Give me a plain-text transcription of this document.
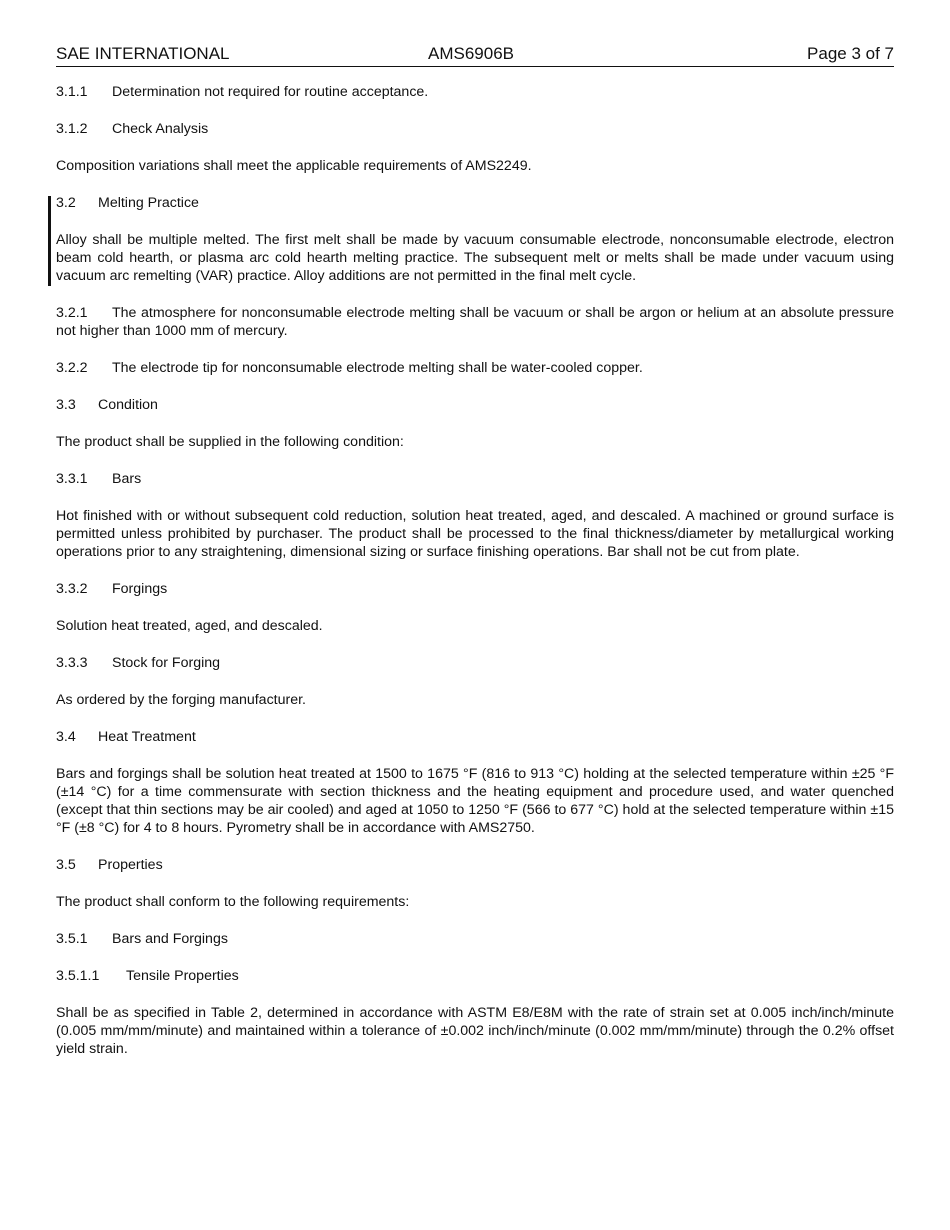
SAE INTERNATIONAL	AMS6906B	Page 3 of 7
3.1.1 Determination not required for routine acceptance.
3.1.2 Check Analysis

Composition variations shall meet the applicable requirements of AMS2249.

3.2 Melting Practice

Alloy shall be multiple melted. The first melt shall be made by vacuum consumable electrode, nonconsumable electrode, electron beam cold hearth, or plasma arc cold hearth melting practice. The subsequent melt or melts shall be made under vacuum using vacuum arc remelting (VAR) practice. Alloy additions are not permitted in the final melt cycle.

3.2.1 The atmosphere for nonconsumable electrode melting shall be vacuum or shall be argon or helium at an absolute pressure not higher than 1000 mm of mercury.

3.2.2 The electrode tip for nonconsumable electrode melting shall be water-cooled copper.
3.3 Condition

The product shall be supplied in the following condition:

3.3.1 Bars

Hot finished with or without subsequent cold reduction, solution heat treated, aged, and descaled. A machined or ground surface is permitted unless prohibited by purchaser. The product shall be processed to the final thickness/diameter by metallurgical working operations prior to any straightening, dimensional sizing or surface finishing operations. Bar shall not be cut from plate.

3.3.2 Forgings

Solution heat treated, aged, and descaled.

3.3.3 Stock for Forging

As ordered by the forging manufacturer.

3.4 Heat Treatment

Bars and forgings shall be solution heat treated at 1500 to 1675 °F (816 to 913 °C) holding at the selected temperature within ±25 °F (±14 °C) for a time commensurate with section thickness and the heating equipment and procedure used, and water quenched (except that thin sections may be air cooled) and aged at 1050 to 1250 °F (566 to 677 °C) hold at the selected temperature within ±15 °F (±8 °C) for 4 to 8 hours. Pyrometry shall be in accordance with AMS2750.

3.5 Properties

The product shall conform to the following requirements:

3.5.1 Bars and Forgings
3.5.1.1 Tensile Properties

Shall be as specified in Table 2, determined in accordance with ASTM E8/E8M with the rate of strain set at 0.005 inch/inch/minute (0.005 mm/mm/minute) and maintained within a tolerance of ±0.002 inch/inch/minute (0.002 mm/mm/minute) through the 0.2% offset yield strain.
